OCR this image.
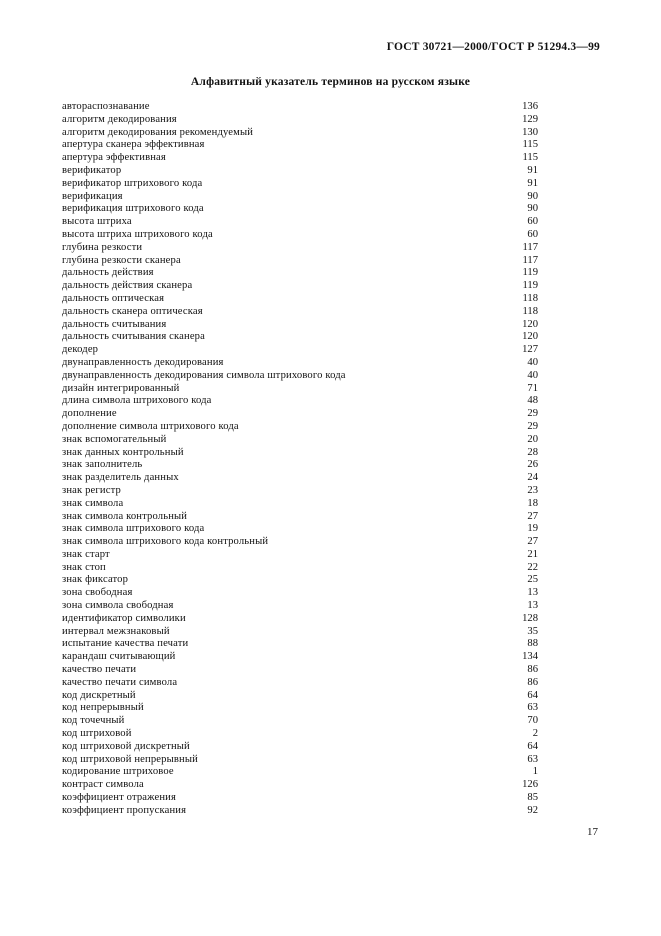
ГОСТ 30721—2000/ГОСТ Р 51294.3—99
Алфавитный указатель терминов на русском языке
автораспознавание	136
алгоритм декодирования	129
алгоритм декодирования рекомендуемый	130
апертура сканера эффективная	115
апертура эффективная	115
верификатор	91
верификатор штрихового кода	91
верификация	90
верификация штрихового кода	90
высота штриха	60
высота штриха штрихового кода	60
глубина резкости	117
глубина резкости сканера	117
дальность действия	119
дальность действия сканера	119
дальность оптическая	118
дальность сканера оптическая	118
дальность считывания	120
дальность считывания сканера	120
декодер	127
двунаправленность декодирования	40
двунаправленность декодирования символа штрихового кода	40
дизайн интегрированный	71
длина символа штрихового кода	48
дополнение	29
дополнение символа штрихового кода	29
знак вспомогательный	20
знак данных контрольный	28
знак заполнитель	26
знак разделитель данных	24
знак регистр	23
знак символа	18
знак символа контрольный	27
знак символа штрихового кода	19
знак символа штрихового кода контрольный	27
знак старт	21
знак стоп	22
знак фиксатор	25
зона свободная	13
зона символа свободная	13
идентификатор символики	128
интервал межзнаковый	35
испытание качества печати	88
карандаш считывающий	134
качество печати	86
качество печати символа	86
код дискретный	64
код непрерывный	63
код точечный	70
код штриховой	2
код штриховой дискретный	64
код штриховой непрерывный	63
кодирование штриховое	1
контраст символа	126
коэффициент отражения	85
коэффициент пропускания	92
17
